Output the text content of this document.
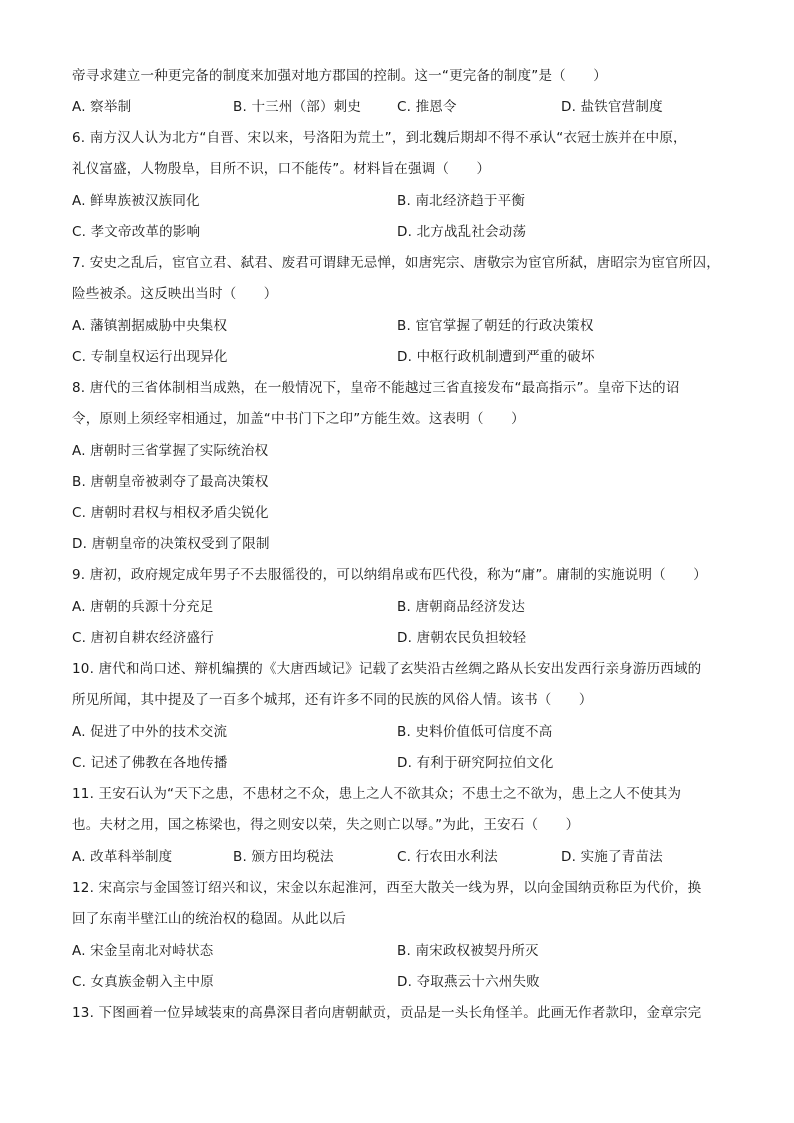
帝寻求建立一种更完备的制度来加强对地方郡国的控制。这一“更完备的制度”是（　　）
A. 察举制	B. 十三州（部）刺史	C. 推恩令	D. 盐铁官营制度
6. 南方汉人认为北方“自晋、宋以来，号洛阳为荒土”，到北魏后期却不得不承认“衣冠士族并在中原，
礼仪富盛，人物殷阜，目所不识，口不能传”。材料旨在强调（　　）
A. 鲜卑族被汉族同化	B. 南北经济趋于平衡
C. 孝文帝改革的影响	D. 北方战乱社会动荡
7. 安史之乱后，宦官立君、弑君、废君可谓肆无忌惮，如唐宪宗、唐敬宗为宦官所弑，唐昭宗为宦官所囚，
险些被杀。这反映出当时（　　）
A. 藩镇割据威胁中央集权	B. 宦官掌握了朝廷的行政决策权
C. 专制皇权运行出现异化	D. 中枢行政机制遭到严重的破坏
8. 唐代的三省体制相当成熟，在一般情况下，皇帝不能越过三省直接发布“最高指示”。皇帝下达的诏
令，原则上须经宰相通过，加盖“中书门下之印”方能生效。这表明（　　）
A. 唐朝时三省掌握了实际统治权
B. 唐朝皇帝被剥夺了最高决策权
C. 唐朝时君权与相权矛盾尖锐化
D. 唐朝皇帝的决策权受到了限制
9. 唐初，政府规定成年男子不去服徭役的，可以纳绢帛或布匹代役，称为“庸”。庸制的实施说明（　　）
A. 唐朝的兵源十分充足	B. 唐朝商品经济发达
C. 唐初自耕农经济盛行	D. 唐朝农民负担较轻
10. 唐代和尚口述、辩机编撰的《大唐西域记》记载了玄奘沿古丝绸之路从长安出发西行亲身游历西域的
所见所闻，其中提及了一百多个城邦，还有许多不同的民族的风俗人情。该书（　　）
A. 促进了中外的技术交流	B. 史料价值低可信度不高
C. 记述了佛教在各地传播	D. 有利于研究阿拉伯文化
11. 王安石认为“天下之患，不患材之不众，患上之人不欲其众；不患士之不欲为，患上之人不使其为
也。夫材之用，国之栋梁也，得之则安以荣，失之则亡以辱。”为此，王安石（　　）
A. 改革科举制度	B. 颁方田均税法	C. 行农田水利法	D. 实施了青苗法
12. 宋高宗与金国签订绍兴和议，宋金以东起淮河，西至大散关一线为界，以向金国纳贡称臣为代价，换
回了东南半壁江山的统治权的稳固。从此以后
A. 宋金呈南北对峙状态	B. 南宋政权被契丹所灭
C. 女真族金朝入主中原	D. 夺取燕云十六州失败
13. 下图画着一位异域装束的高鼻深目者向唐朝献贡，贡品是一头长角怪羊。此画无作者款印，金章宗完
